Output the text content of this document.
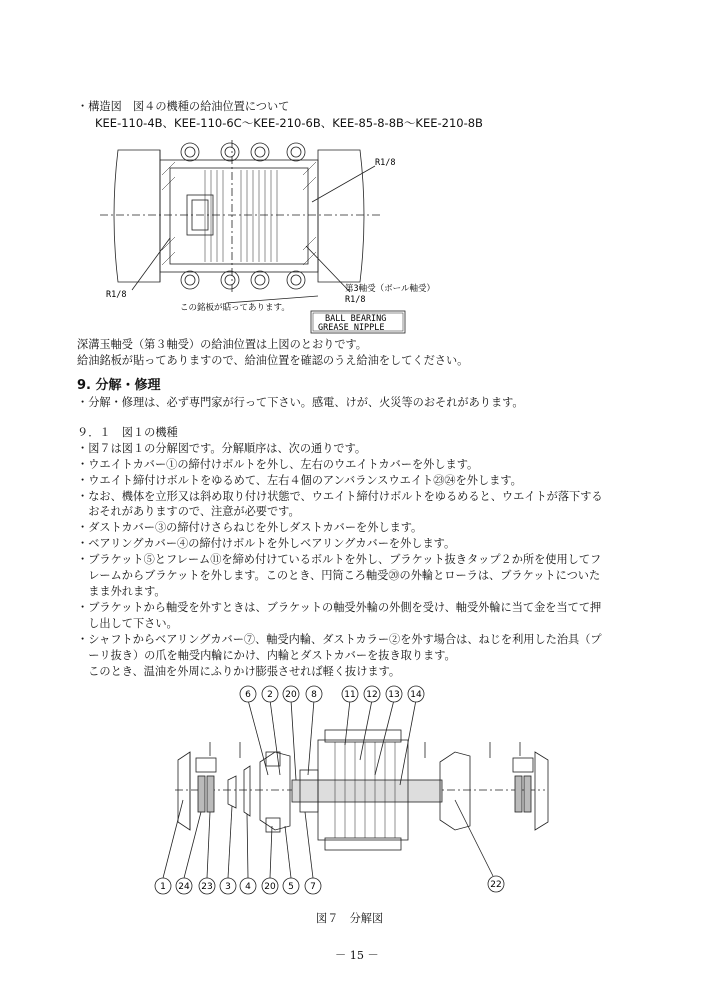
・構造図　図４の機種の給油位置について
KEE-110-4B、KEE-110-6C～KEE-210-6B、KEE-85-8-8B～KEE-210-8B
R1/8
R1/8
第3軸受（ボール軸受）
R1/8
この銘板が貼ってあります。
BALL BEARING
GREASE NIPPLE
深溝玉軸受（第３軸受）の給油位置は上図のとおりです。
給油銘板が貼ってありますので、給油位置を確認のうえ給油をしてください。
9. 分解・修理
・分解・修理は、必ず専門家が行って下さい。感電、けが、火災等のおそれがあります。
９．１　図１の機種
・図７は図１の分解図です。分解順序は、次の通りです。
・ウエイトカバー①の締付けボルトを外し、左右のウエイトカバーを外します。
・ウエイト締付けボルトをゆるめて、左右４個のアンバランスウエイト㉓㉔を外します。
・なお、機体を立形又は斜め取り付け状態で、ウエイト締付けボルトをゆるめると、ウエイトが落下する
　おそれがありますので、注意が必要です。
・ダストカバー③の締付けさらねじを外しダストカバーを外します。
・ベアリングカバー④の締付けボルトを外しベアリングカバーを外します。
・ブラケット⑤とフレーム⑪を締め付けているボルトを外し、ブラケット抜きタップ２か所を使用してフ
　レームからブラケットを外します。このとき、円筒ころ軸受⑳の外輪とローラは、ブラケットについた
　まま外れます。
・ブラケットから軸受を外すときは、ブラケットの軸受外輪の外側を受け、軸受外輪に当て金を当てて押
　し出して下さい。
・シャフトからベアリングカバー⑦、軸受内輪、ダストカラー②を外す場合は、ねじを利用した治具（プ
　ーリ抜き）の爪を軸受内輪にかけ、内輪とダストカバーを抜き取ります。
　このとき、温油を外周にふりかけ膨張させれば軽く抜けます。
6 2 20 8	11 12 13 14
1 24 23 3 4 20 5 7	22
図７　分解図
－ 15 －
